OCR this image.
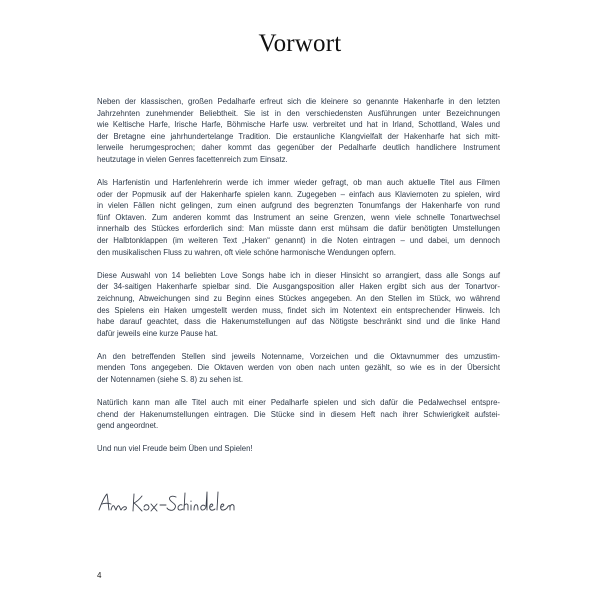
Vorwort

Neben der klassischen, großen Pedalharfe erfreut sich die kleinere so genannte Hakenharfe in den letzten
Jahrzehnten zunehmender Beliebtheit. Sie ist in den verschiedensten Ausführungen unter Bezeichnungen
wie Keltische Harfe, Irische Harfe, Böhmische Harfe usw. verbreitet und hat in Irland, Schottland, Wales und
der Bretagne eine jahrhundertelange Tradition. Die erstaunliche Klangvielfalt der Hakenharfe hat sich mitt-
lerweile herumgesprochen; daher kommt das gegenüber der Pedalharfe deutlich handlichere Instrument
heutzutage in vielen Genres facettenreich zum Einsatz.

Als Harfenistin und Harfenlehrerin werde ich immer wieder gefragt, ob man auch aktuelle Titel aus Filmen
oder der Popmusik auf der Hakenharfe spielen kann. Zugegeben – einfach aus Klaviernoten zu spielen, wird
in vielen Fällen nicht gelingen, zum einen aufgrund des begrenzten Tonumfangs der Hakenharfe von rund
fünf Oktaven. Zum anderen kommt das Instrument an seine Grenzen, wenn viele schnelle Tonartwechsel
innerhalb des Stückes erforderlich sind: Man müsste dann erst mühsam die dafür benötigten Umstellungen
der Halbtonklappen (im weiteren Text „Haken“ genannt) in die Noten eintragen – und dabei, um dennoch
den musikalischen Fluss zu wahren, oft viele schöne harmonische Wendungen opfern.

Diese Auswahl von 14 beliebten Love Songs habe ich in dieser Hinsicht so arrangiert, dass alle Songs auf
der 34-saitigen Hakenharfe spielbar sind. Die Ausgangsposition aller Haken ergibt sich aus der Tonartvor-
zeichnung, Abweichungen sind zu Beginn eines Stückes angegeben. An den Stellen im Stück, wo während
des Spielens ein Haken umgestellt werden muss, findet sich im Notentext ein entsprechender Hinweis. Ich
habe darauf geachtet, dass die Hakenumstellungen auf das Nötigste beschränkt sind und die linke Hand
dafür jeweils eine kurze Pause hat.

An den betreffenden Stellen sind jeweils Notenname, Vorzeichen und die Oktavnummer des umzustim-
menden Tons angegeben. Die Oktaven werden von oben nach unten gezählt, so wie es in der Übersicht
der Notennamen (siehe S. 8) zu sehen ist.

Natürlich kann man alle Titel auch mit einer Pedalharfe spielen und sich dafür die Pedalwechsel entspre-
chend der Hakenumstellungen eintragen. Die Stücke sind in diesem Heft nach ihrer Schwierigkeit aufstei-
gend angeordnet.

Und nun viel Freude beim Üben und Spielen!

4
